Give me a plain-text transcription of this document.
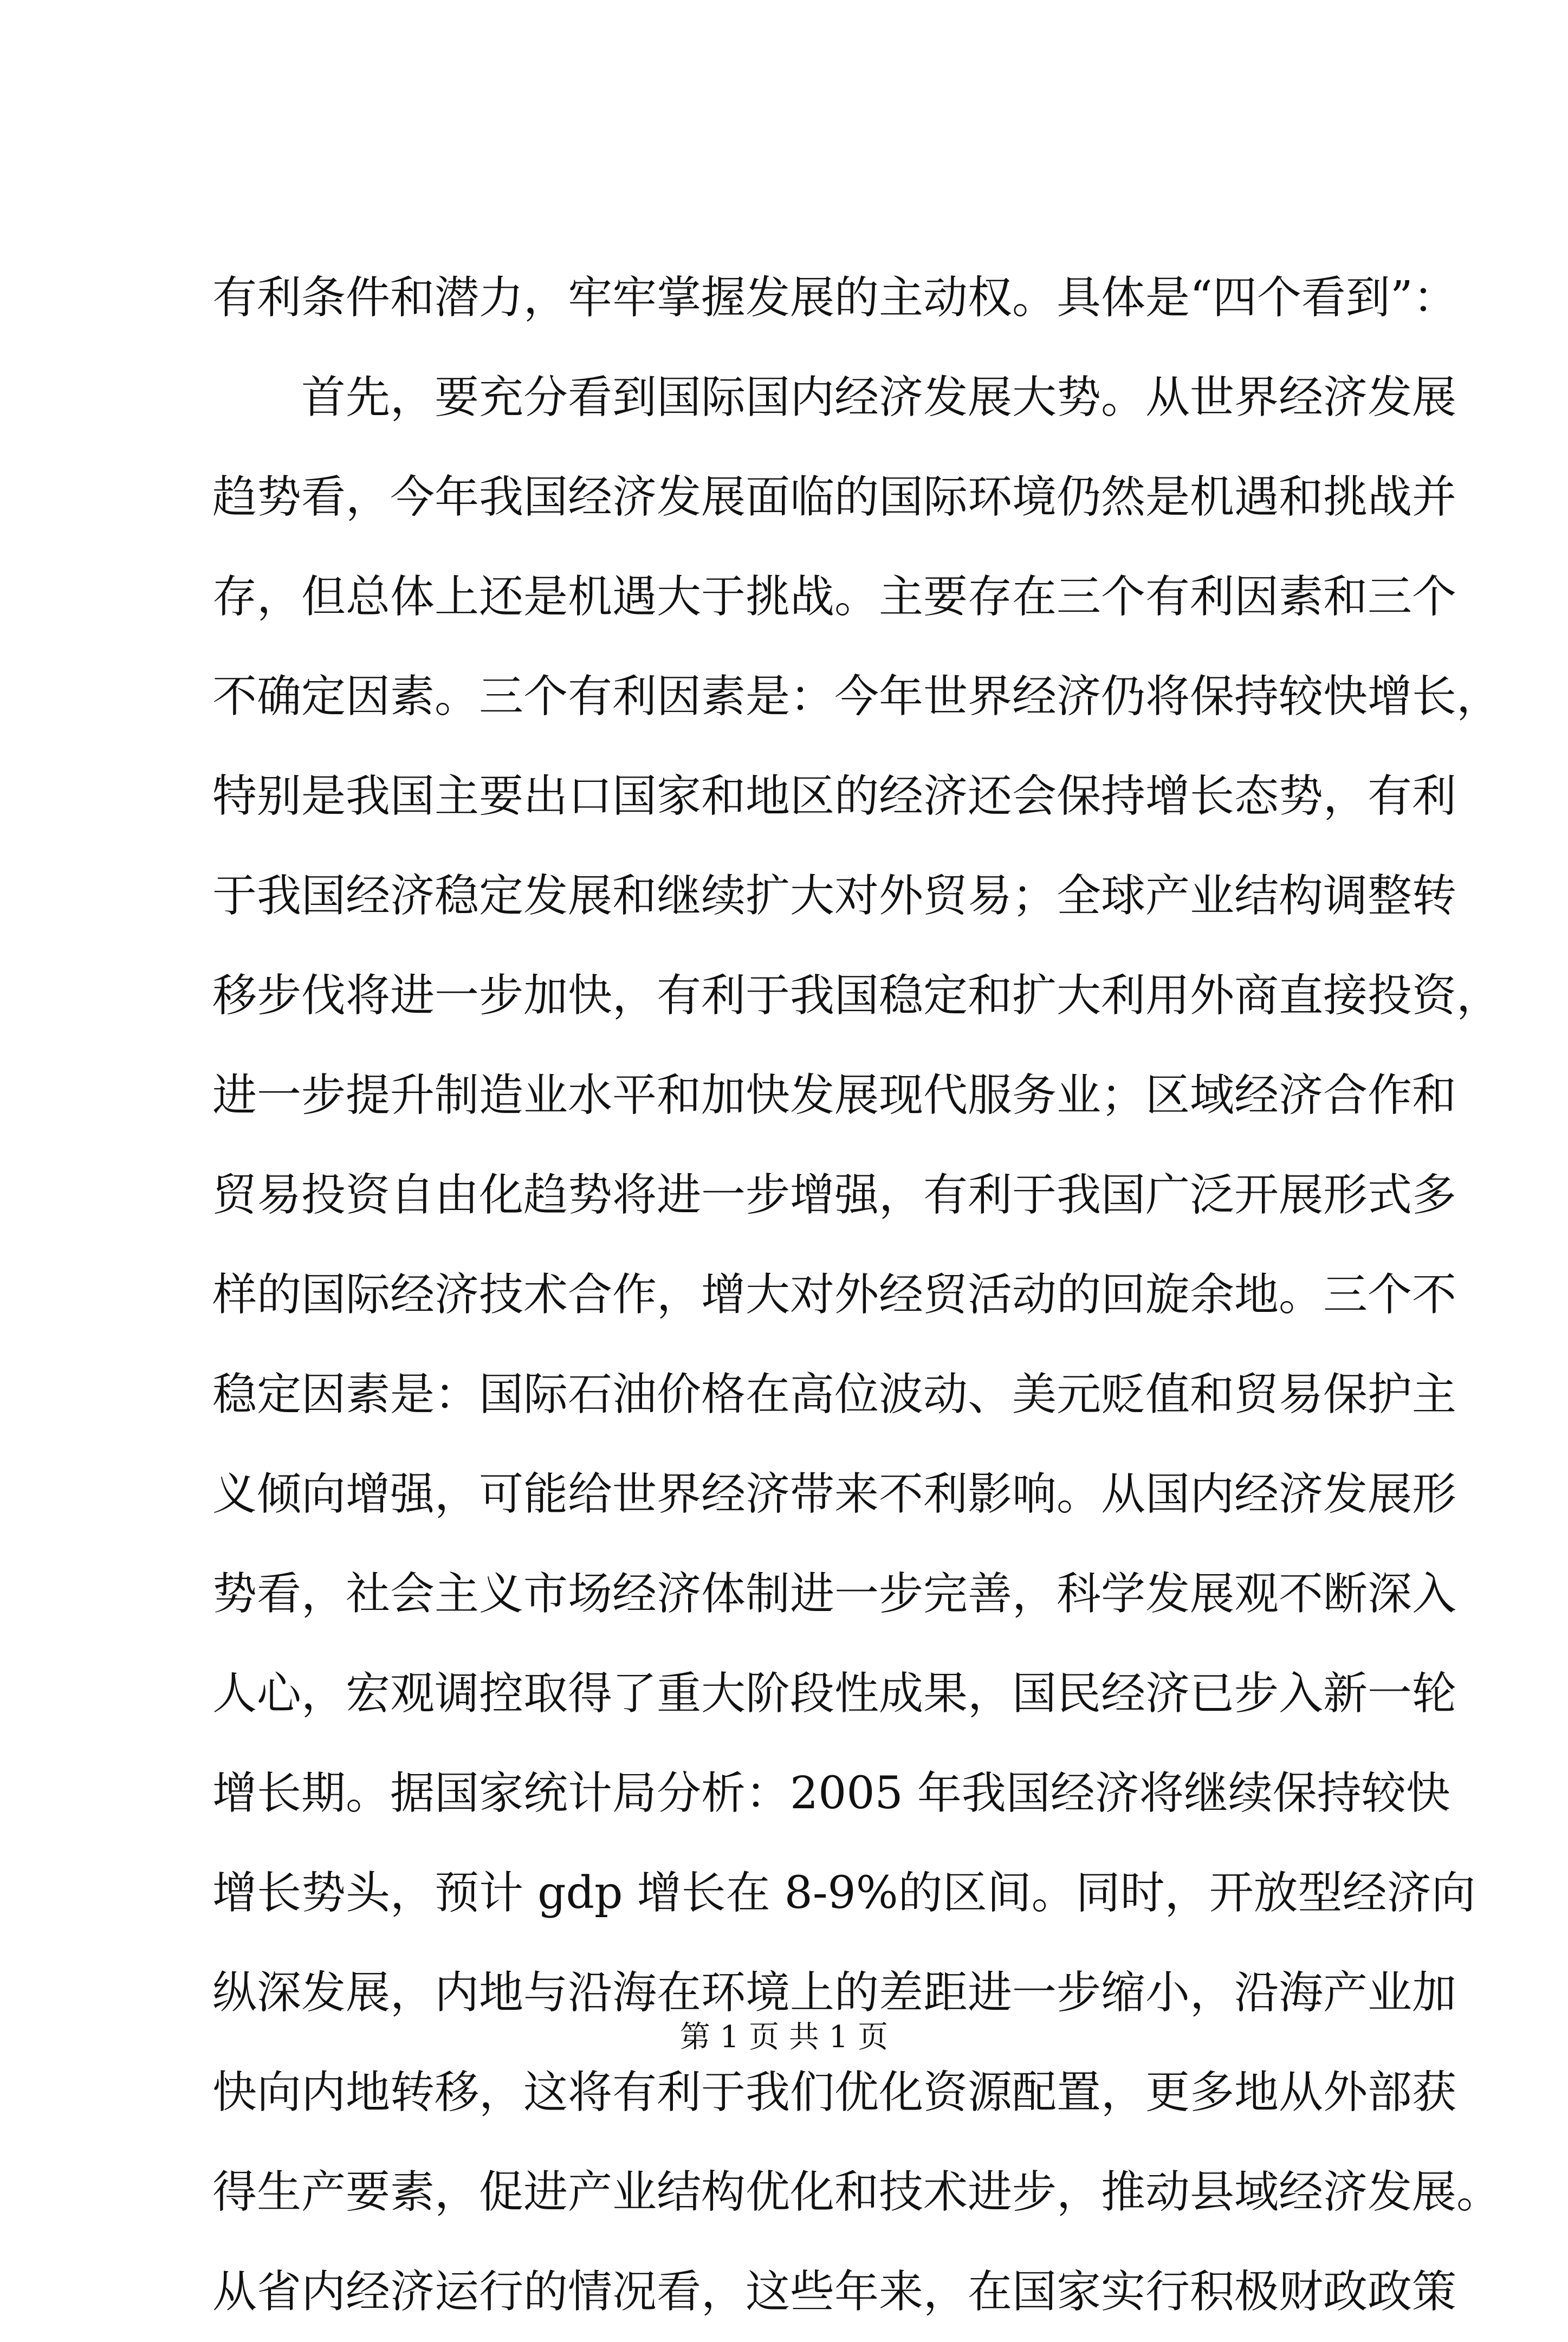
有利条件和潜力，牢牢掌握发展的主动权。具体是“四个看到”：
首先，要充分看到国际国内经济发展大势。从世界经济发展
趋势看，今年我国经济发展面临的国际环境仍然是机遇和挑战并
存，但总体上还是机遇大于挑战。主要存在三个有利因素和三个
不确定因素。三个有利因素是：今年世界经济仍将保持较快增长，
特别是我国主要出口国家和地区的经济还会保持增长态势，有利
于我国经济稳定发展和继续扩大对外贸易；全球产业结构调整转
移步伐将进一步加快，有利于我国稳定和扩大利用外商直接投资，
进一步提升制造业水平和加快发展现代服务业；区域经济合作和
贸易投资自由化趋势将进一步增强，有利于我国广泛开展形式多
样的国际经济技术合作，增大对外经贸活动的回旋余地。三个不
稳定因素是：国际石油价格在高位波动、美元贬值和贸易保护主
义倾向增强，可能给世界经济带来不利影响。从国内经济发展形
势看，社会主义市场经济体制进一步完善，科学发展观不断深入
人心，宏观调控取得了重大阶段性成果，国民经济已步入新一轮
增长期。据国家统计局分析：2005 年我国经济将继续保持较快
增长势头，预计 gdp 增长在 8-9%的区间。同时，开放型经济向
纵深发展，内地与沿海在环境上的差距进一步缩小，沿海产业加
快向内地转移，这将有利于我们优化资源配置，更多地从外部获
得生产要素，促进产业结构优化和技术进步，推动县域经济发展。
从省内经济运行的情况看，这些年来，在国家实行积极财政政策
第 1 页 共 1 页
